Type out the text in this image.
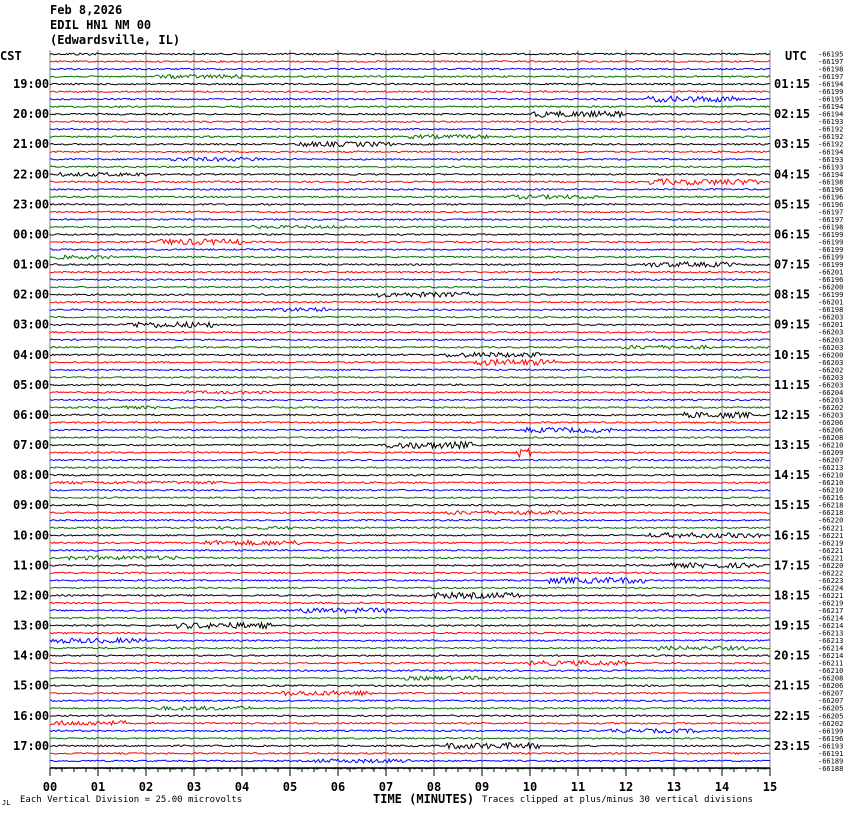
Feb 8,2026
EDIL HN1 NM 00
(Edwardsville, IL)
CST	UTC -66195
-66197
-66198
-66197
-66194
-66199
-66195
-66194
-66194
-66193
-66192
-66192
-66192
-66194
-66193
-66193
-66194
-66198
-66196
-66196
-66196
-66197
-66197
-66198
-66199
-66199
-66199
-66199
-66199
-66201
-66196
-66200
-66199
-66201
-66198
-66203
-66201
-66203
-66203
-66203
-66200
-66203
-66202
-66203
-66203
-66204
-66203
-66202
-66203
-66206
-66206
-66208
-66210
-66209
-66207
-66213
-66210
-66210
-66210
-66216
-66218
-66218
-66220
-66221
-66221
-66219
-66221
-66221
-66220
-66222
-66223
-66224
-66221
-66219
-66217
-66214
-66214
-66213
-66213
-66214
-66214
-66211
-66210
-66208
-66206
-66207
-66207
-66205
-66205
-66202
-66199
-66196
-66193
-66191
-66189
-66188
19:00
20:00
21:00
22:00
23:00
00:00
01:00
02:00
03:00
04:00
05:00
06:00
07:00
08:00
09:00
10:00
11:00
12:00
13:00
14:00
15:00
16:00
17:00
01:15
02:15
03:15
04:15
05:15
06:15
07:15
08:15
09:15
10:15
11:15
12:15
13:15
14:15
15:15
16:15
17:15
18:15
19:15
20:15
21:15
22:15
23:15
00	01	02	03	04	05	06	07	08	09	10	11	12	13	14	15
JL Each Vertical Division = 25.00 microvolts	TIME (MINUTES) Traces clipped at plus/minus 30 vertical divisions
